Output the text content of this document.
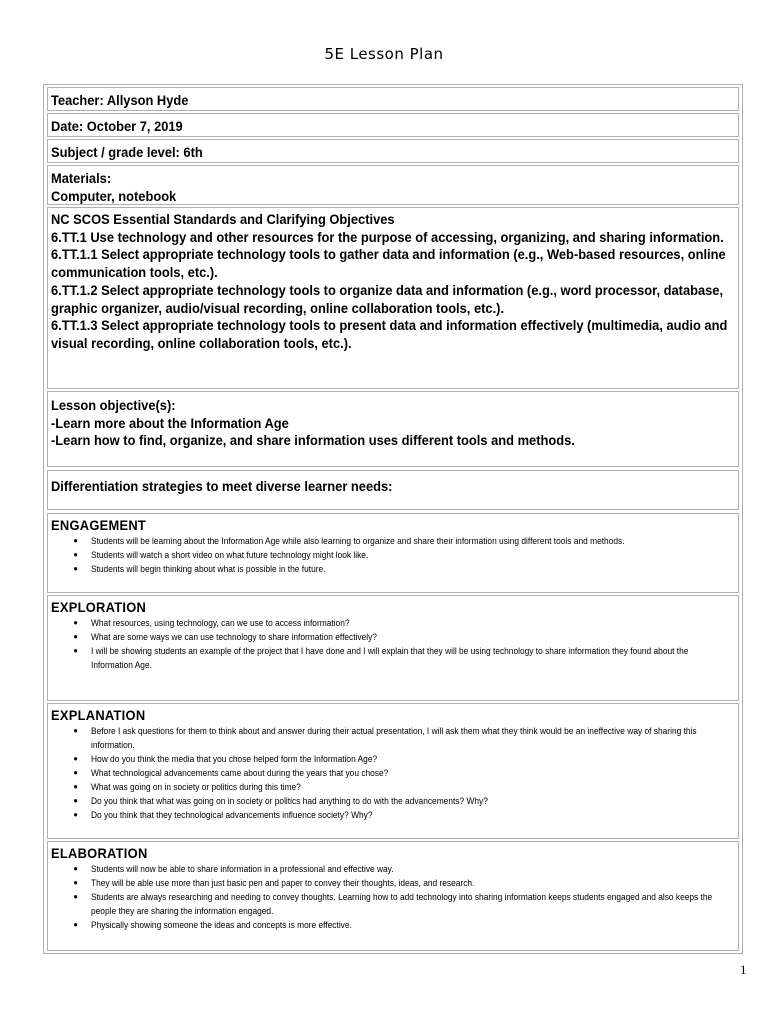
5E Lesson Plan
Teacher: Allyson Hyde
Date: October 7, 2019
Subject / grade level: 6th
Materials:
Computer, notebook

NC SCOS Essential Standards and Clarifying Objectives

6.TT.1 Use technology and other resources for the purpose of accessing, organizing, and sharing information.

6.TT.1.1 Select appropriate technology tools to gather data and information (e.g., Web-based resources, online communication tools, etc.).

6.TT.1.2 Select appropriate technology tools to organize data and information (e.g., word processor, database, graphic organizer, audio/visual recording, online collaboration tools, etc.).

6.TT.1.3 Select appropriate technology tools to present data and information effectively (multimedia, audio and visual recording, online collaboration tools, etc.).

Lesson objective(s):

-Learn more about the Information Age

-Learn how to find, organize, and share information uses different tools and methods.

Differentiation strategies to meet diverse learner needs:
ENGAGEMENT
● Students will be learning about the Information Age while also learning to organize and share their information using different tools and methods.
● Students will watch a short video on what future technology might look like.
● Students will begin thinking about what is possible in the future.
EXPLORATION
● What resources, using technology, can we use to access information?
● What are some ways we can use technology to share information effectively?
● I will be showing students an example of the project that I have done and I will explain that they will be using technology to share information they found about the Information Age.
EXPLANATION
● Before I ask questions for them to think about and answer during their actual presentation, I will ask them what they think would be an ineffective way of sharing this information.
● How do you think the media that you chose helped form the Information Age?
● What technological advancements came about during the years that you chose?
● What was going on in society or politics during this time?
● Do you think that what was going on in society or politics had anything to do with the advancements? Why?
● Do you think that they technological advancements influence society? Why?
ELABORATION
● Students will now be able to share information in a professional and effective way.
● They will be able use more than just basic pen and paper to convey their thoughts, ideas, and research.
● Students are always researching and needing to convey thoughts. Learning how to add technology into sharing information keeps students engaged and also keeps the people they are sharing the information engaged.
● Physically showing someone the ideas and concepts is more effective.
1
